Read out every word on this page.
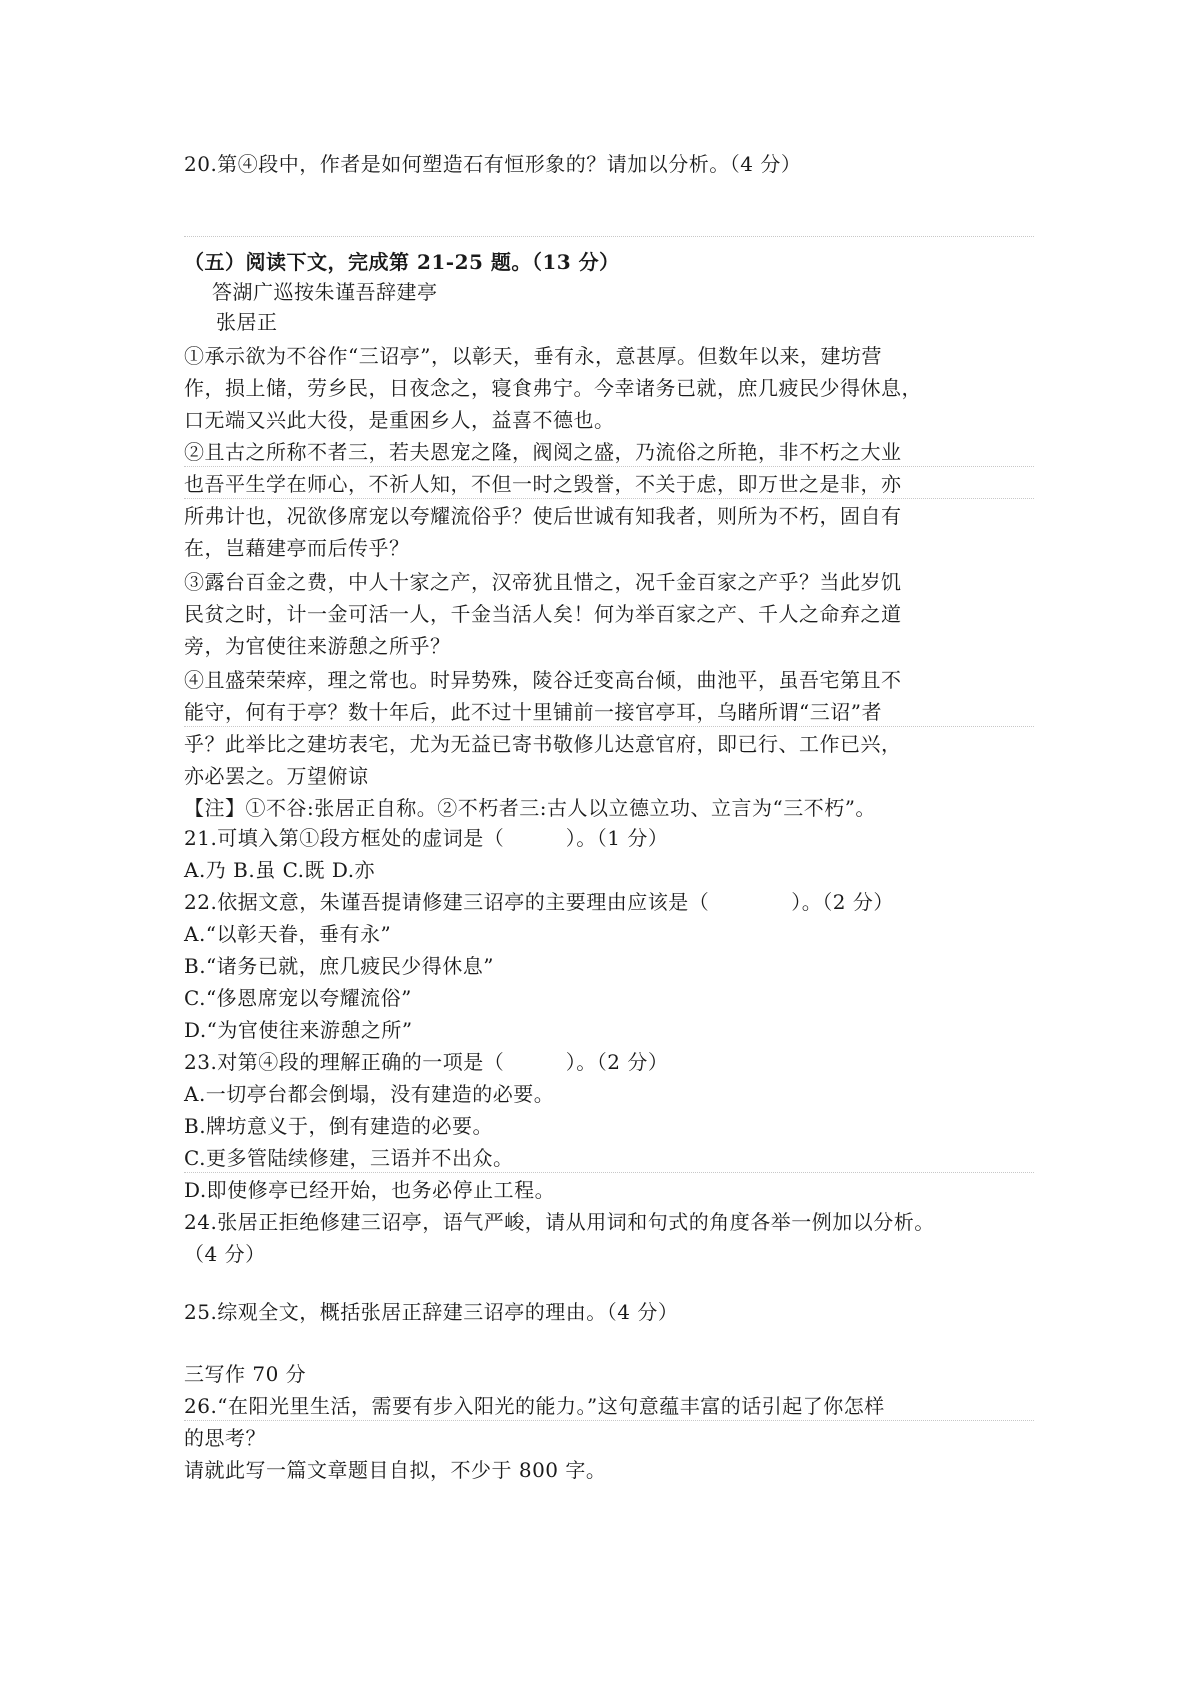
20.第④段中，作者是如何塑造石有恒形象的？请加以分析。（4 分）
（五）阅读下文，完成第 21-25 题。（13 分）
答湖广巡按朱谨吾辞建亭
张居正
①承示欲为不谷作“三诏亭”，以彰天，垂有永，意甚厚。但数年以来，建坊营
作，损上储，劳乡民，日夜念之，寝食弗宁。今幸诸务已就，庶几疲民少得休息，
口无端又兴此大役，是重困乡人，益喜不德也。
②且古之所称不者三，若夫恩宠之隆，阀阅之盛，乃流俗之所艳，非不朽之大业
也吾平生学在师心，不祈人知，不但一时之毁誉，不关于虑，即万世之是非，亦
所弗计也，况欲侈席宠以夸耀流俗乎？使后世诚有知我者，则所为不朽，固自有
在，岂藉建亭而后传乎？
③露台百金之费，中人十家之产，汉帝犹且惜之，况千金百家之产乎？当此岁饥
民贫之时，计一金可活一人，千金当活人矣！何为举百家之产、千人之命弃之道
旁，为官使往来游憩之所乎？
④且盛荣荣瘁，理之常也。时异势殊，陵谷迁变高台倾，曲池平，虽吾宅第且不
能守，何有于亭？数十年后，此不过十里铺前一接官亭耳，乌睹所谓“三诏”者
乎？此举比之建坊表宅，尤为无益已寄书敬修儿达意官府，即已行、工作已兴，
亦必罢之。万望俯谅
【注】①不谷:张居正自称。②不朽者三:古人以立德立功、立言为“三不朽”。
21.可填入第①段方框处的虚词是（　　　）。（1 分）
A.乃 B.虽 C.既 D.亦
22.依据文意，朱谨吾提请修建三诏亭的主要理由应该是（　　　　）。（2 分）
A.“以彰天眷，垂有永”
B.“诸务已就，庶几疲民少得休息”
C.“侈恩席宠以夸耀流俗”
D.“为官使往来游憩之所”
23.对第④段的理解正确的一项是（　　　）。（2 分）
A.一切亭台都会倒塌，没有建造的必要。
B.牌坊意义于，倒有建造的必要。
C.更多管陆续修建，三语并不出众。
D.即使修亭已经开始，也务必停止工程。
24.张居正拒绝修建三诏亭，语气严峻，请从用词和句式的角度各举一例加以分析。
（4 分）
25.综观全文，概括张居正辞建三诏亭的理由。（4 分）
三写作 70 分
26.“在阳光里生活，需要有步入阳光的能力。”这句意蕴丰富的话引起了你怎样
的思考？
请就此写一篇文章题目自拟，不少于 800 字。
